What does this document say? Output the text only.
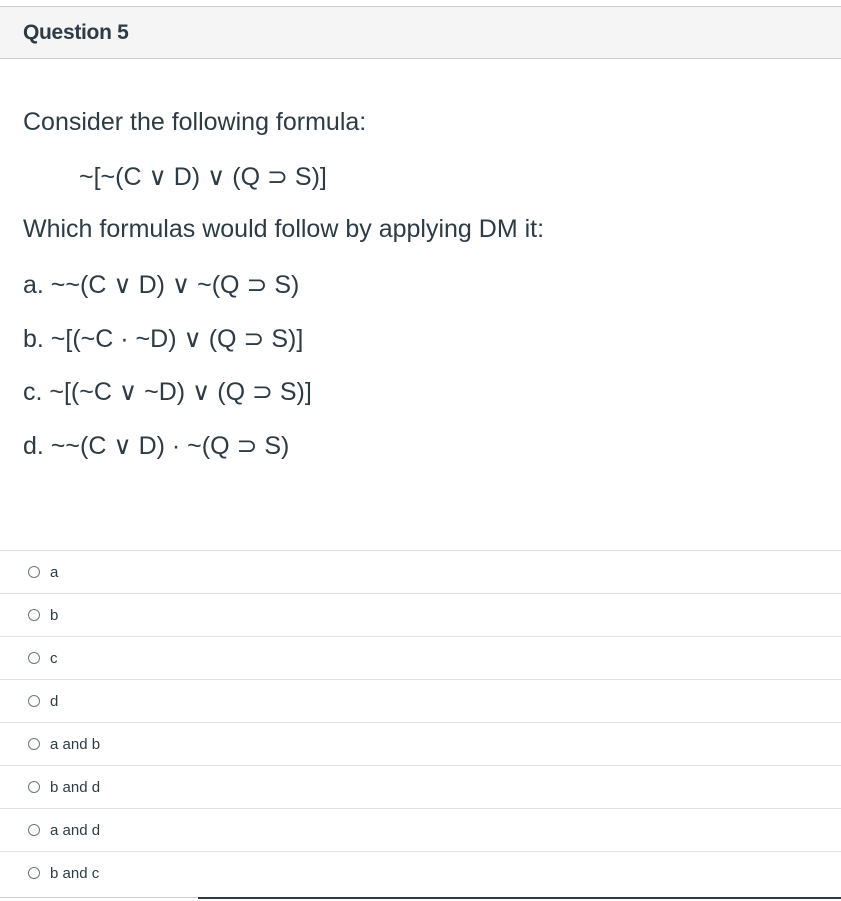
Question 5
Consider the following formula:
~[~(C ∨ D) ∨ (Q ⊃ S)]
Which formulas would follow by applying DM it:
a. ~~(C ∨ D) ∨ ~(Q ⊃ S)
b. ~[(~C · ~D) ∨ (Q ⊃ S)]
c. ~[(~C ∨ ~D) ∨ (Q ⊃ S)]
d. ~~(C ∨ D) · ~(Q ⊃ S)
a
b
c
d
a and b
b and d
a and d
b and c
